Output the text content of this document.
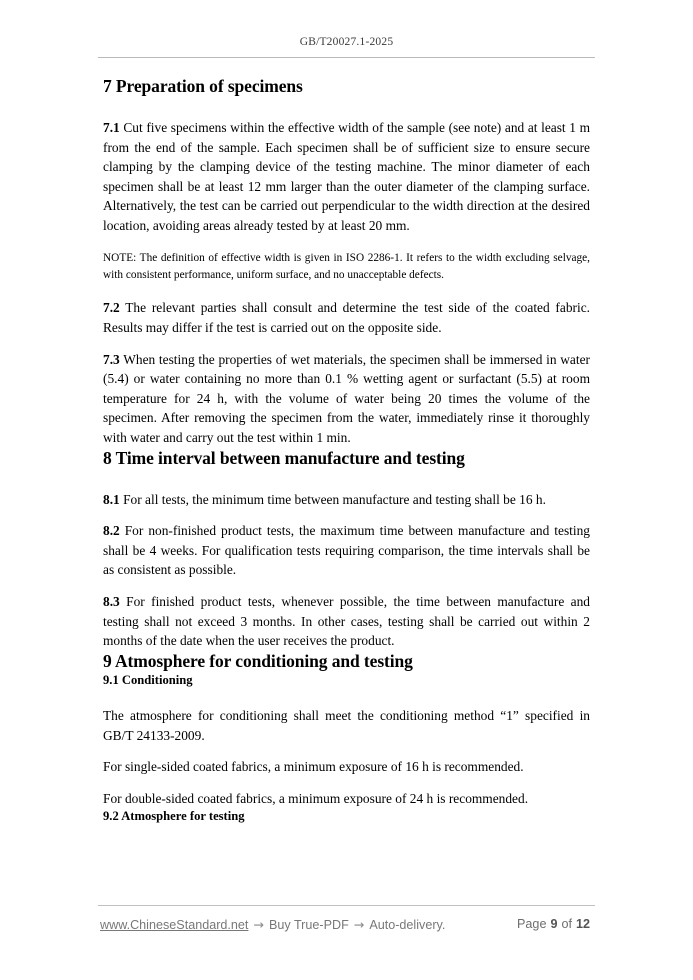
GB/T20027.1-2025
7 Preparation of specimens

7.1 Cut five specimens within the effective width of the sample (see note) and at least 1 m from the end of the sample. Each specimen shall be of sufficient size to ensure secure clamping by the clamping device of the testing machine. The minor diameter of each specimen shall be at least 12 mm larger than the outer diameter of the clamping surface. Alternatively, the test can be carried out perpendicular to the width direction at the desired location, avoiding areas already tested by at least 20 mm.

NOTE: The definition of effective width is given in ISO 2286-1. It refers to the width excluding selvage, with consistent performance, uniform surface, and no unacceptable defects.

7.2 The relevant parties shall consult and determine the test side of the coated fabric. Results may differ if the test is carried out on the opposite side.

7.3 When testing the properties of wet materials, the specimen shall be immersed in water (5.4) or water containing no more than 0.1 % wetting agent or surfactant (5.5) at room temperature for 24 h, with the volume of water being 20 times the volume of the specimen. After removing the specimen from the water, immediately rinse it thoroughly with water and carry out the test within 1 min.

8 Time interval between manufacture and testing

8.1 For all tests, the minimum time between manufacture and testing shall be 16 h.

8.2 For non-finished product tests, the maximum time between manufacture and testing shall be 4 weeks. For qualification tests requiring comparison, the time intervals shall be as consistent as possible.

8.3 For finished product tests, whenever possible, the time between manufacture and testing shall not exceed 3 months. In other cases, testing shall be carried out within 2 months of the date when the user receives the product.

9 Atmosphere for conditioning and testing
9.1 Conditioning

The atmosphere for conditioning shall meet the conditioning method “1” specified in GB/T 24133-2009.

For single-sided coated fabrics, a minimum exposure of 16 h is recommended.

For double-sided coated fabrics, a minimum exposure of 24 h is recommended.

9.2 Atmosphere for testing
www.ChineseStandard.net → Buy True-PDF → Auto-delivery.	Page 9 of 12
